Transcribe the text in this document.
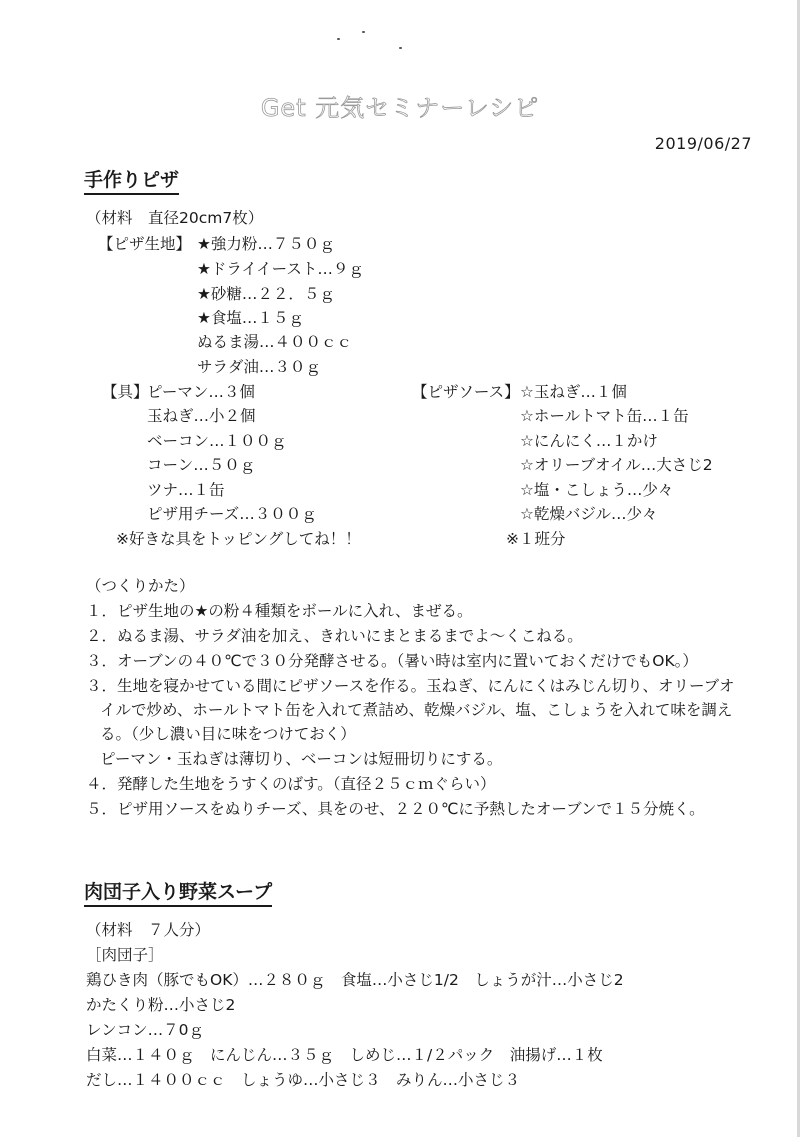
Get 元気セミナーレシピ
2019/06/27
手作りピザ
（材料　直径20cm7枚）
【ピザ生地】 ★強力粉…７５０ｇ
★ドライイースト…９ｇ
★砂糖…２２．５ｇ
★食塩…１５ｇ
ぬるま湯…４００ｃｃ
サラダ油…３０ｇ
【具】
ピーマン…３個
玉ねぎ…小２個
ベーコン…１００ｇ
コーン…５０ｇ
ツナ…１缶
ピザ用チーズ…３００ｇ
※好きな具をトッピングしてね！！
【ピザソース】 ☆玉ねぎ…１個
☆ホールトマト缶…１缶
☆にんにく…１かけ
☆オリーブオイル…大さじ2
☆塩・こしょう…少々
☆乾燥バジル…少々
※１班分
（つくりかた）
１．ピザ生地の★の粉４種類をボールに入れ、まぜる。
２．ぬるま湯、サラダ油を加え、きれいにまとまるまでよ～くこねる。
３．オーブンの４０℃で３０分発酵させる。（暑い時は室内に置いておくだけでもOK。）
３．生地を寝かせている間にピザソースを作る。玉ねぎ、にんにくはみじん切り、オリーブオ
イルで炒め、ホールトマト缶を入れて煮詰め、乾燥バジル、塩、こしょうを入れて味を調え
る。（少し濃い目に味をつけておく）
ピーマン・玉ねぎは薄切り、ベーコンは短冊切りにする。
４．発酵した生地をうすくのばす。（直径２５ｃｍぐらい）
５．ピザ用ソースをぬりチーズ、具をのせ、２２０℃に予熱したオーブンで１５分焼く。
肉団子入り野菜スープ
（材料　７人分）
［肉団子］
鶏ひき肉（豚でもOK）…２８０ｇ　食塩…小さじ1/2　しょうが汁…小さじ2
かたくり粉…小さじ2
レンコン…７0ｇ
白菜…１４０ｇ　にんじん…３５ｇ　しめじ…１/２パック　油揚げ…１枚
だし…１４００ｃｃ　しょうゆ…小さじ３　みりん…小さじ３
